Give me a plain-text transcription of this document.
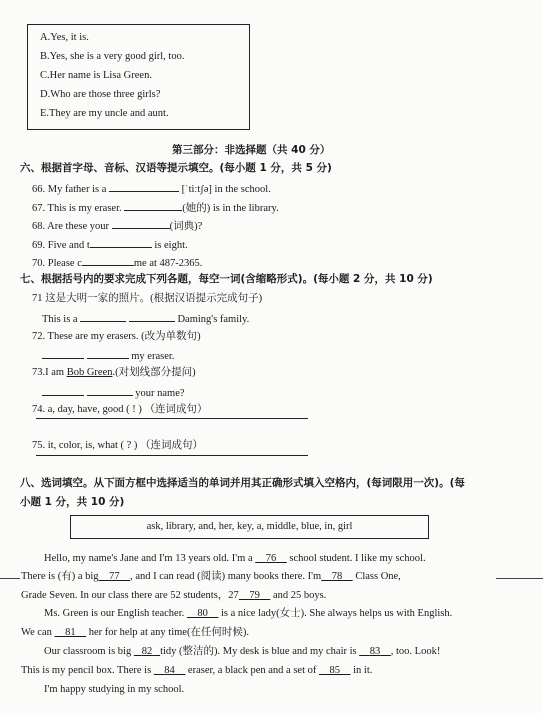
A.Yes, it is.
B.Yes, she is a very good girl, too.
C.Her name is Lisa Green.
D.Who are those three girls?
E.They are my uncle and aunt.
第三部分：非选择题（共 40 分）
六、根据首字母、音标、汉语等提示填空。(每小题 1 分，共 5 分)
66. My father is a	[ˈtiːtʃə] in the school.
67. This is my eraser.	(她的) is in the library.
68. Are these your	(词典)?
69. Five and t	is eight.
70. Please c	me at 487-2365.
七、根据括号内的要求完成下列各题，每空一词(含缩略形式)。(每小题 2 分，共 10 分)
71 这是大明一家的照片。(根据汉语提示完成句子)
This is a	Daming's family.
72. These are my erasers. (改为单数句)
my eraser.
73.I am Bob Green.(对划线部分提问)
your name?
74. a, day, have, good ( ! ) （连词成句）
75. it, color, is, what ( ? ) （连词成句）
八、选词填空。从下面方框中选择适当的单词并用其正确形式填入空格内，(每词限用一次)。(每
小题 1 分，共 10 分)
ask, library, and, her, key, a, middle, blue, in, girl
Hello, my name's Jane and I'm 13 years old. I'm a     76     school student. I like my school.
There is (有) a big 77 , and I can read (阅读) many books there. I'm 78 Class One,
Grade Seven. In our class there are 52 students，27 79 and 25 boys.
Ms. Green is our English teacher.     80     is a nice lady(女士). She always helps us with English.
We can     81     her for help at any time(在任何时候).
Our classroom is big    82 tidy (整洁的). My desk is blue and my chair is     83 , too. Look!
This is my pencil box. There is     84     eraser, a black pen and a set of     85     in it.
I'm happy studying in my school.
